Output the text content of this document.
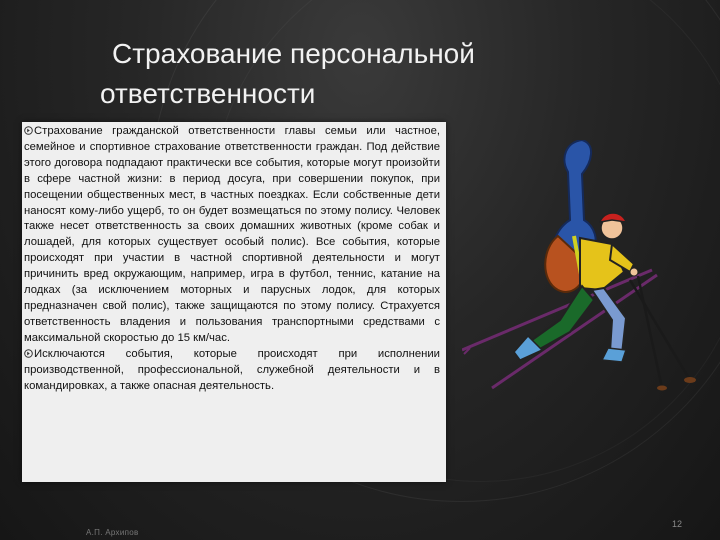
Страхование персональной
ответственности

Страхование гражданской ответственности главы семьи или частное, семейное и спортивное страхование ответственности граждан. Под действие этого договора подпадают практически все события, которые могут произойти в сфере частной жизни: в период досуга, при совершении покупок, при посещении общественных мест, в частных поездках. Если собственные дети наносят кому-либо ущерб, то он будет возмещаться по этому полису. Человек также несет ответственность за своих домашних животных (кроме собак и лошадей, для которых существует особый полис). Все события, которые происходят при участии в частной спортивной деятельности и могут причинить вред окружающим, например, игра в футбол, теннис, катание на лодках (за исключением моторных и парусных лодок, для которых предназначен свой полис), также защищаются по этому полису. Страхуется ответственность владения и пользования транспортными средствами с максимальной скоростью до 15 км/час.

Исключаются события, которые происходят при исполнении производственной, профессиональной, служебной деятельности и в командировках, а также опасная деятельность.

А.П. Архипов
12
